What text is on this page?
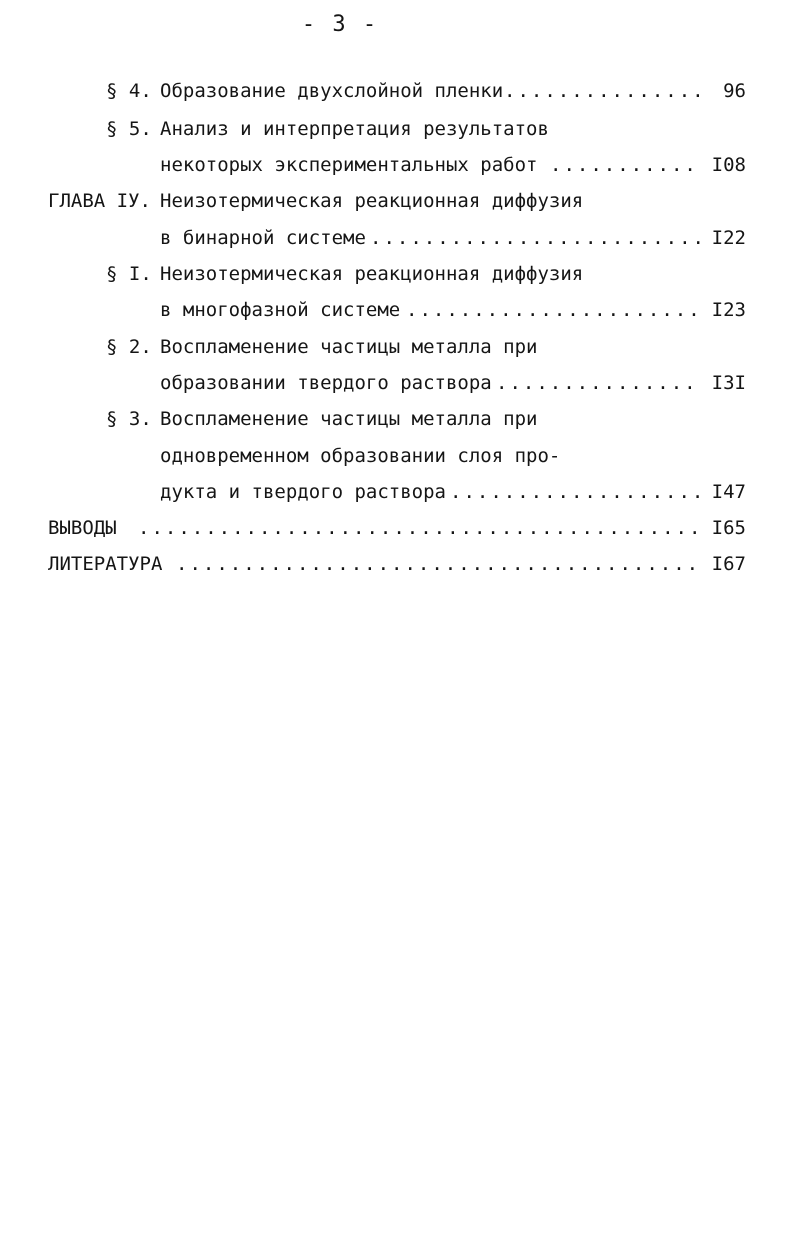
- 3 -
§ 4. Образование двухслойной пленки .....	96
§ 5. Анализ и интерпретация результатов
некоторых экспериментальных работ .....	I08
ГЛАВА ІУ. Неизотермическая реакционная диффузия
в бинарной системе .....	I22
§ I. Неизотермическая реакционная диффузия
в многофазной системе .....	I23
§ 2. Воспламенение частицы металла при
образовании твердого раствора .....	I3I
§ 3. Воспламенение частицы металла при
одновременном образовании слоя про-
дукта и твердого раствора .....	I47
ВЫВОДЫ .....	I65
ЛИТЕРАТУРА .....	I67
